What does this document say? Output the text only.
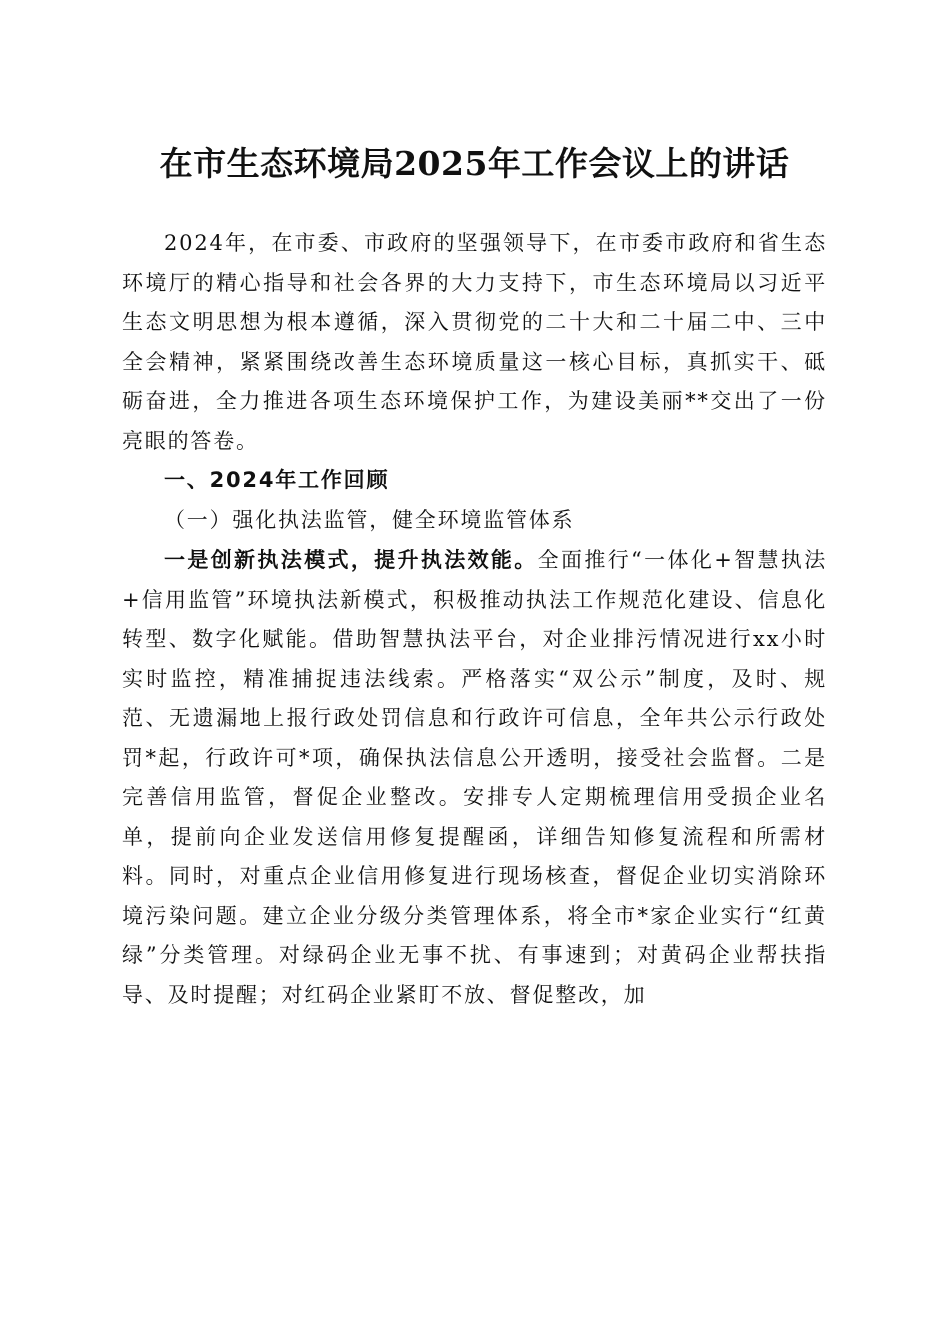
在市生态环境局2025年工作会议上的讲话

2024年，在市委、市政府的坚强领导下，在市委市政府和省生态环境厅的精心指导和社会各界的大力支持下，市生态环境局以习近平生态文明思想为根本遵循，深入贯彻党的二十大和二十届二中、三中全会精神，紧紧围绕改善生态环境质量这一核心目标，真抓实干、砥砺奋进，全力推进各项生态环境保护工作，为建设美丽**交出了一份亮眼的答卷。

一、2024年工作回顾

（一）强化执法监管，健全环境监管体系

一是创新执法模式，提升执法效能。全面推行“一体化+智慧执法+信用监管”环境执法新模式，积极推动执法工作规范化建设、信息化转型、数字化赋能。借助智慧执法平台，对企业排污情况进行xx小时实时监控，精准捕捉违法线索。严格落实“双公示”制度，及时、规范、无遗漏地上报行政处罚信息和行政许可信息，全年共公示行政处罚*起，行政许可*项，确保执法信息公开透明，接受社会监督。二是完善信用监管，督促企业整改。安排专人定期梳理信用受损企业名单，提前向企业发送信用修复提醒函，详细告知修复流程和所需材料。同时，对重点企业信用修复进行现场核查，督促企业切实消除环境污染问题。建立企业分级分类管理体系，将全市*家企业实行“红黄绿”分类管理。对绿码企业无事不扰、有事速到；对黄码企业帮扶指导、及时提醒；对红码企业紧盯不放、督促整改，加
